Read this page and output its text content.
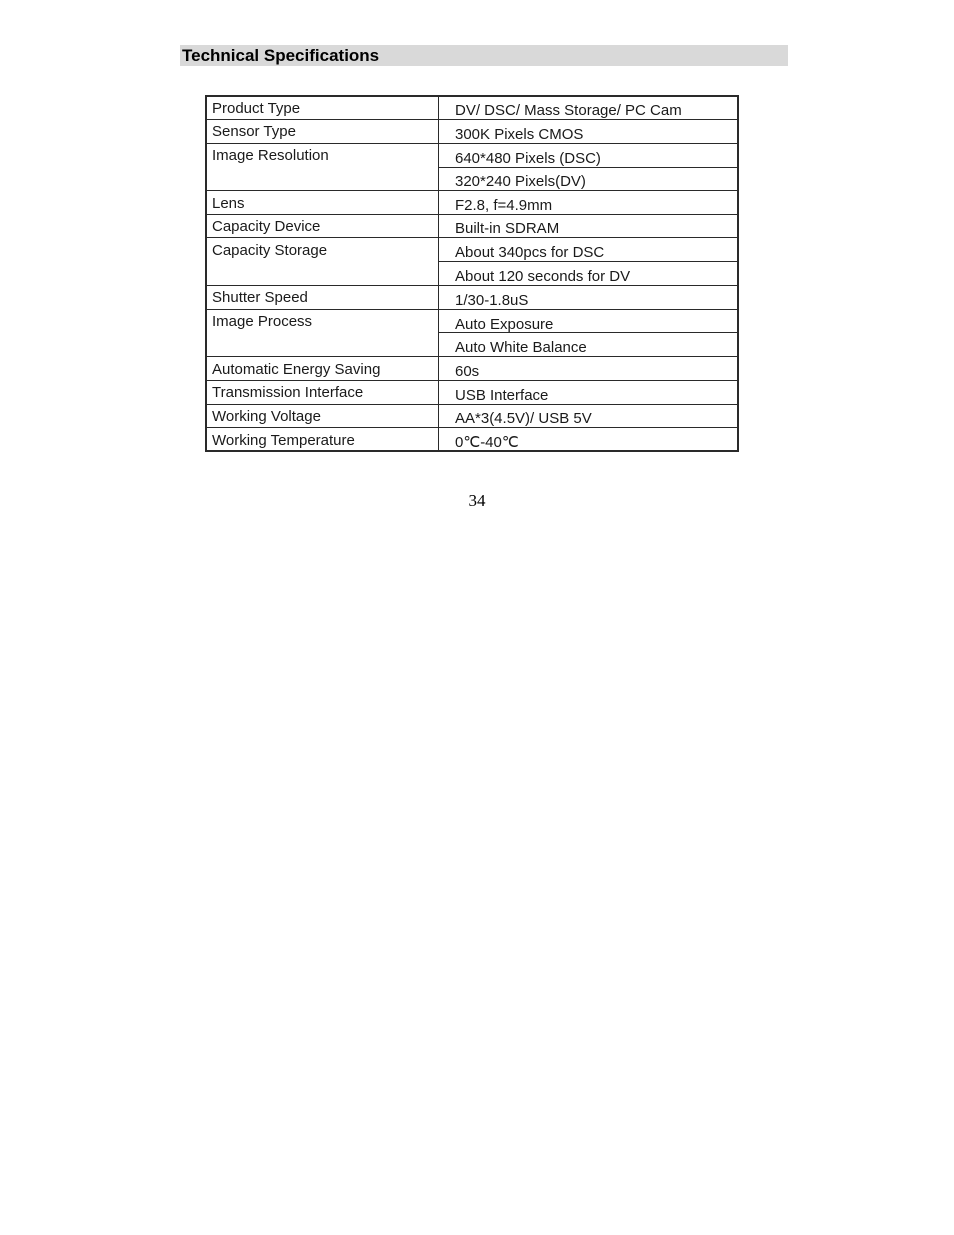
Technical Specifications
Product Type	DV/ DSC/ Mass Storage/ PC Cam
Sensor Type	300K Pixels CMOS
Image Resolution	640*480 Pixels (DSC)
320*240 Pixels(DV)
Lens	F2.8, f=4.9mm
Capacity Device	Built-in SDRAM
Capacity Storage	About 340pcs for DSC
About 120 seconds for DV
Shutter Speed	1/30-1.8uS
Image Process	Auto Exposure
Auto White Balance
Automatic Energy Saving	60s
Transmission Interface	USB Interface
Working Voltage	AA*3(4.5V)/ USB 5V
Working Temperature	0℃-40℃
34
